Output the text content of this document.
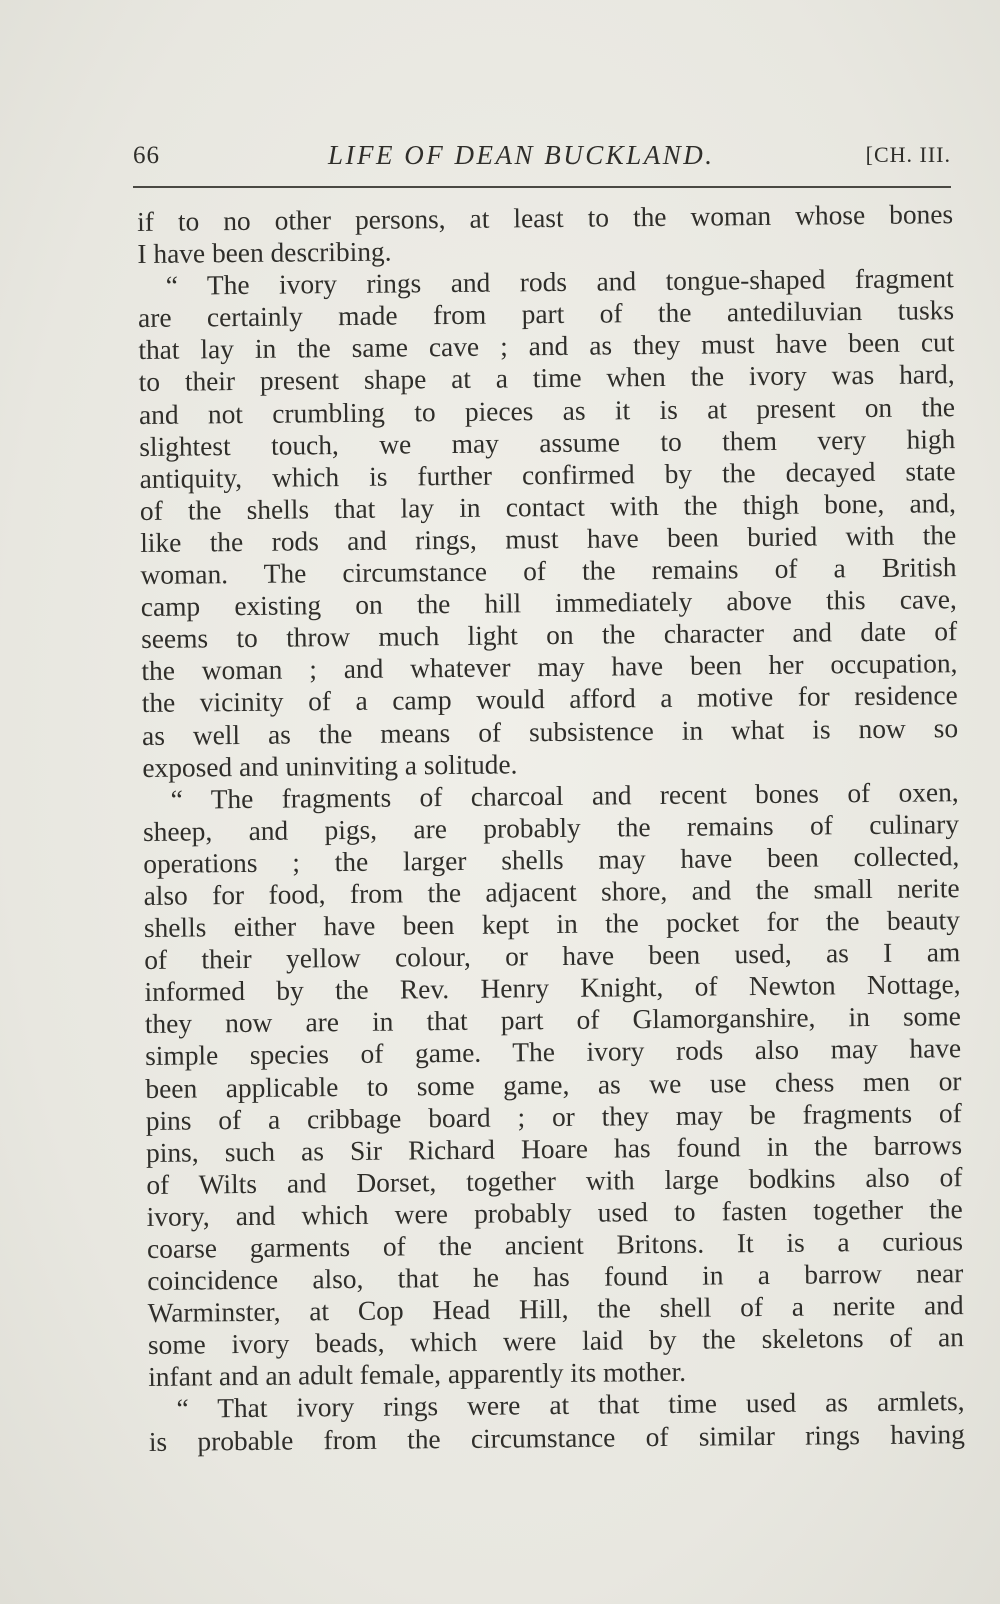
66	LIFE OF DEAN BUCKLAND.	[CH. III.
if to no other persons, at least to the woman whose bones
I have been describing.
“ The ivory rings and rods and tongue-shaped fragment
are certainly made from part of the antediluvian tusks
that lay in the same cave ; and as they must have been cut
to their present shape at a time when the ivory was hard,
and not crumbling to pieces as it is at present on the
slightest touch, we may assume to them very high
antiquity, which is further confirmed by the decayed state
of the shells that lay in contact with the thigh bone, and,
like the rods and rings, must have been buried with the
woman. The circumstance of the remains of a British
camp existing on the hill immediately above this cave,
seems to throw much light on the character and date of
the woman ; and whatever may have been her occupation,
the vicinity of a camp would afford a motive for residence
as well as the means of subsistence in what is now so
exposed and uninviting a solitude.
“ The fragments of charcoal and recent bones of oxen,
sheep, and pigs, are probably the remains of culinary
operations ; the larger shells may have been collected,
also for food, from the adjacent shore, and the small nerite
shells either have been kept in the pocket for the beauty
of their yellow colour, or have been used, as I am
informed by the Rev. Henry Knight, of Newton Nottage,
they now are in that part of Glamorganshire, in some
simple species of game. The ivory rods also may have
been applicable to some game, as we use chess men or
pins of a cribbage board ; or they may be fragments of
pins, such as Sir Richard Hoare has found in the barrows
of Wilts and Dorset, together with large bodkins also of
ivory, and which were probably used to fasten together the
coarse garments of the ancient Britons. It is a curious
coincidence also, that he has found in a barrow near
Warminster, at Cop Head Hill, the shell of a nerite and
some ivory beads, which were laid by the skeletons of an
infant and an adult female, apparently its mother.
“ That ivory rings were at that time used as armlets,
is probable from the circumstance of similar rings having
